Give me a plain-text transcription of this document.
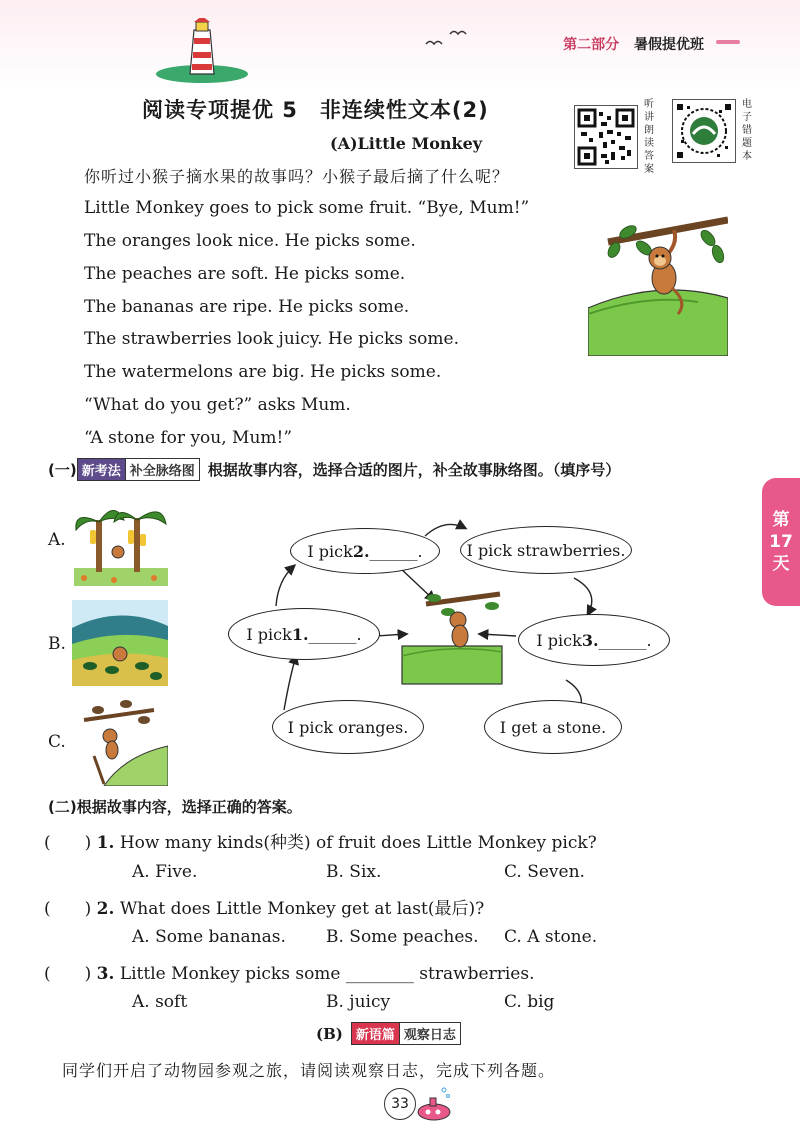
第二部分 暑假提优班
阅读专项提优 5　非连续性文本(2)
(A)Little Monkey
听
讲
朗
读
答
案
电
子
错
题
本
你听过小猴子摘水果的故事吗？小猴子最后摘了什么呢？
Little Monkey goes to pick some fruit. “Bye, Mum!”
The oranges look nice. He picks some.
The peaches are soft. He picks some.
The bananas are ripe. He picks some.
The strawberries look juicy. He picks some.
The watermelons are big. He picks some.
“What do you get?” asks Mum.
“A stone for you, Mum!”
(一) 新考法 补全脉络图 根据故事内容，选择合适的图片，补全故事脉络图。（填序号）
A.
B.
C.
I pick 2. ______.	I pick strawberries.
I pick 1. ______.	I pick 3. ______.
I pick oranges.	I get a stone.
第
17
天
(二)根据故事内容，选择正确的答案。
(　　) 1. How many kinds(种类) of fruit does Little Monkey pick?
A. Five.	B. Six.	C. Seven.
(　　) 2. What does Little Monkey get at last(最后)?
A. Some bananas. B. Some peaches. C. A stone.
(　　) 3. Little Monkey picks some ________ strawberries.
A. soft	B. juicy	C. big
(B)	新语篇 观察日志
同学们开启了动物园参观之旅，请阅读观察日志，完成下列各题。
33
